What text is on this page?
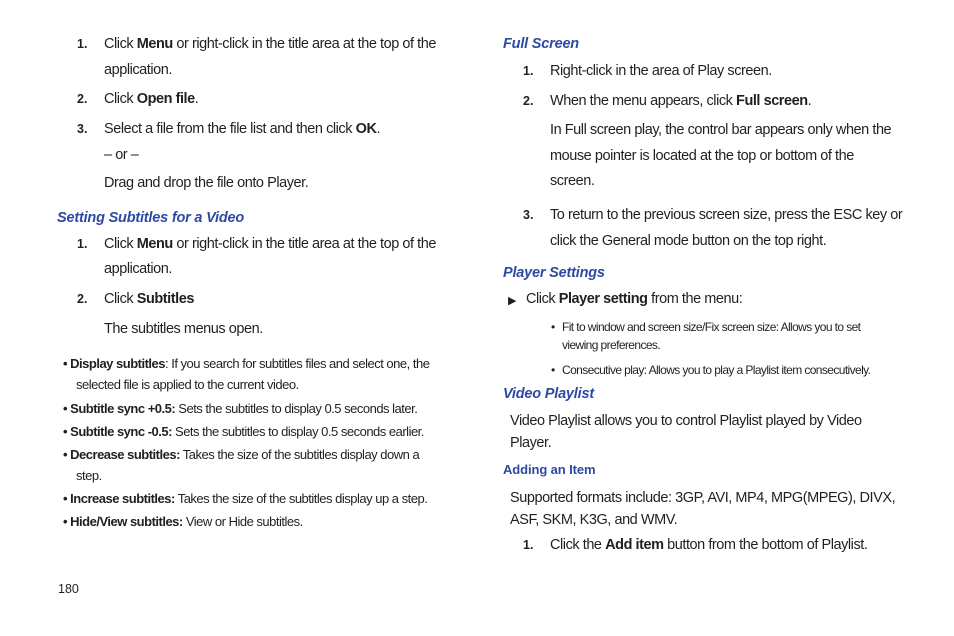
1. Click Menu or right-click in the title area at the top of the
application.
2. Click Open file.
3. Select a file from the file list and then click OK.
– or –
Drag and drop the file onto Player.
Setting Subtitles for a Video
1. Click Menu or right-click in the title area at the top of the
application.
2. Click Subtitles
The subtitles menus open.
• Display subtitles: If you search for subtitles files and select one, the
selected file is applied to the current video.
• Subtitle sync +0.5: Sets the subtitles to display 0.5 seconds later.
• Subtitle sync -0.5: Sets the subtitles to display 0.5 seconds earlier.
• Decrease subtitles: Takes the size of the subtitles display down a
step.
• Increase subtitles: Takes the size of the subtitles display up a step.
• Hide/View subtitles: View or Hide subtitles.
180
Full Screen
1. Right-click in the area of Play screen.
2. When the menu appears, click Full screen.
In Full screen play, the control bar appears only when the
mouse pointer is located at the top or bottom of the
screen.
3. To return to the previous screen size, press the ESC key or
click the General mode button on the top right.
Player Settings
▶ Click Player setting from the menu:
• Fit to window and screen size/Fix screen size: Allows you to set
viewing preferences.
• Consecutive play: Allows you to play a Playlist item consecutively.
Video Playlist
Video Playlist allows you to control Playlist played by Video
Player.
Adding an Item
Supported formats include: 3GP, AVI, MP4, MPG(MPEG), DIVX,
ASF, SKM, K3G, and WMV.
1. Click the Add item button from the bottom of Playlist.
